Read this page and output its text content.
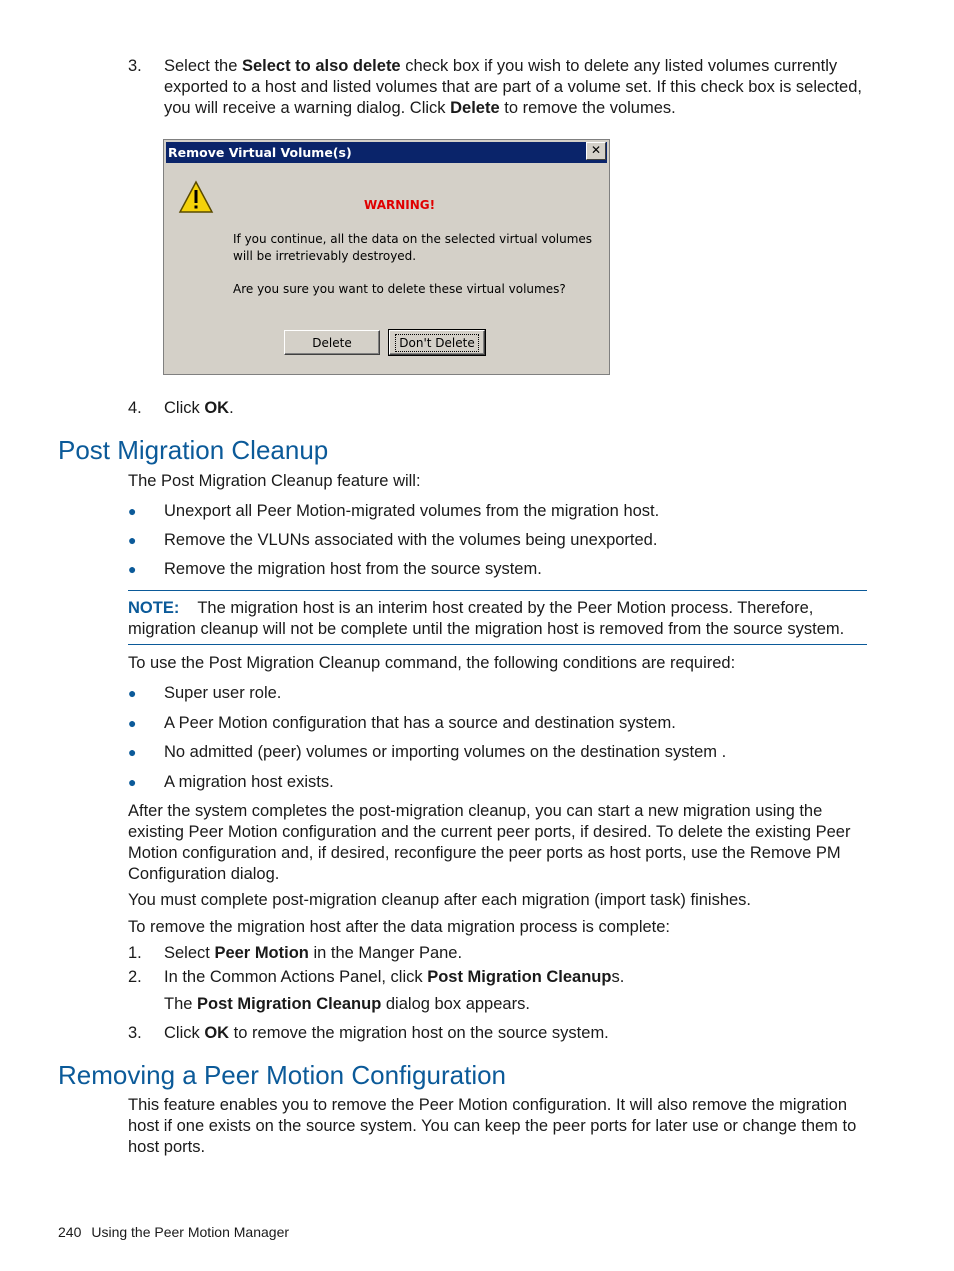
3.	Select the Select to also delete check box if you wish to delete any listed volumes currently exported to a host and listed volumes that are part of a volume set. If this check box is selected, you will receive a warning dialog. Click Delete to remove the volumes.
Remove Virtual Volume(s)	✕
WARNING!
If you continue, all the data on the selected virtual volumes
will be irretrievably destroyed.
Are you sure you want to delete these virtual volumes?
Delete	Don't Delete
4.	Click OK.
Post Migration Cleanup
The Post Migration Cleanup feature will:
● Unexport all Peer Motion-migrated volumes from the migration host.
● Remove the VLUNs associated with the volumes being unexported.
● Remove the migration host from the source system.
NOTE: The migration host is an interim host created by the Peer Motion process. Therefore, migration cleanup will not be complete until the migration host is removed from the source system.
To use the Post Migration Cleanup command, the following conditions are required:
● Super user role.
● A Peer Motion configuration that has a source and destination system.
● No admitted (peer) volumes or importing volumes on the destination system .
● A migration host exists.
After the system completes the post-migration cleanup, you can start a new migration using the existing Peer Motion configuration and the current peer ports, if desired. To delete the existing Peer Motion configuration and, if desired, reconfigure the peer ports as host ports, use the Remove PM Configuration dialog.
You must complete post-migration cleanup after each migration (import task) finishes.
To remove the migration host after the data migration process is complete:
1.	Select Peer Motion in the Manger Pane.
2.	In the Common Actions Panel, click Post Migration Cleanups.
The Post Migration Cleanup dialog box appears.
3.	Click OK to remove the migration host on the source system.
Removing a Peer Motion Configuration
This feature enables you to remove the Peer Motion configuration. It will also remove the migration host if one exists on the source system. You can keep the peer ports for later use or change them to host ports.
240 Using the Peer Motion Manager
